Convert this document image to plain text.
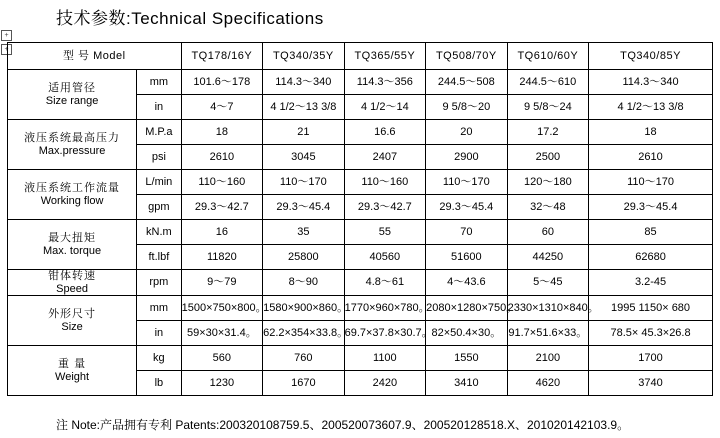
+
+
技术参数:Technical Specifications
型 号 Model		TQ178/16Y	TQ340/35Y	TQ365/55Y	TQ508/70Y	TQ610/60Y	TQ340/85Y

适用管径
Size range	mm	101.6～178	114.3～340	114.3～356	244.5～508	244.5～610	114.3～340
	in	4～7	4 1/2～13 3/8	4 1/2～14	9 5/8～20	9 5/8～24	4 1/2～13 3/8

液压系统最高压力
Max.pressure	M.P.a	18	21	16.6	20	17.2	18
	psi	2610	3045	2407	2900	2500	2610

液压系统工作流量
Working flow	L/min	110～160	110～170	110～160	110～170	120～180	110～170
	gpm	29.3～42.7	29.3～45.4	29.3～42.7	29.3～45.4	32～48	29.3～45.4

最大扭矩
Max. torque	kN.m	16	35	55	70	60	85
	ft.lbf	11820	25800	40560	51600	44250	62680

钳体转速
Speed	rpm	9～79	8～90	4.8～61	4～43.6	5～45	3.2-45

外形尺寸
Size	mm	1500×750×800。	1580×900×860。	1770×960×780。	2080×1280×750。	2330×1310×840。	1995 1150× 680
	in	59×30×31.4。	62.2×354×33.8。	69.7×37.8×30.7。	82×50.4×30。	91.7×51.6×33。	78.5× 45.3×26.8

重 量
Weight	kg	560	760	1100	1550	2100	1700
	lb	1230	1670	2420	3410	4620	3740
注 Note:产品拥有专利 Patents:200320108759.5、200520073607.9、200520128518.X、201020142103.9。
